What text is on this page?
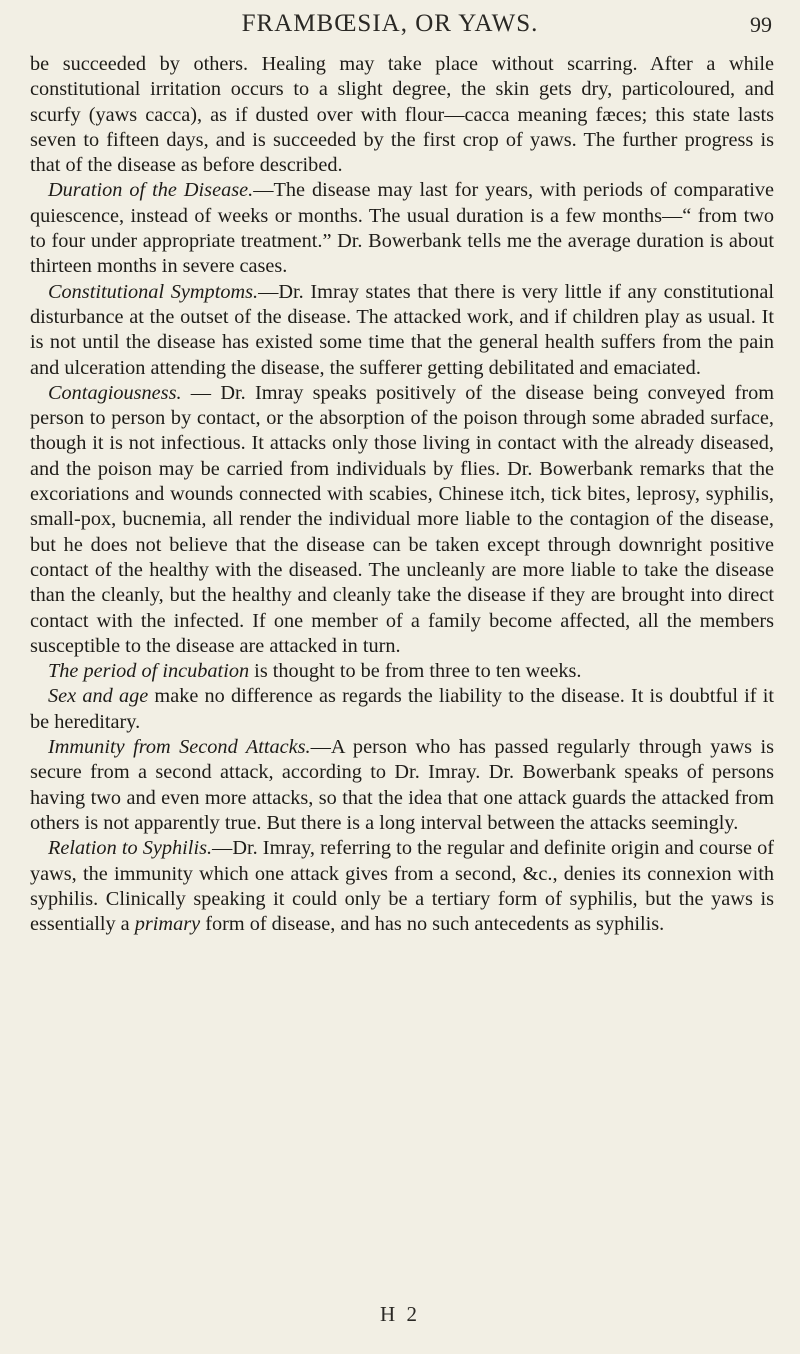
FRAMBŒSIA, OR YAWS.	99

be succeeded by others. Healing may take place without scarring. After a while constitutional irritation occurs to a slight degree, the skin gets dry, particoloured, and scurfy (yaws cacca), as if dusted over with flour—cacca meaning fæces; this state lasts seven to fifteen days, and is succeeded by the first crop of yaws. The further progress is that of the disease as before described.

Duration of the Disease.—The disease may last for years, with periods of comparative quiescence, instead of weeks or months. The usual duration is a few months—“ from two to four under appropriate treatment.” Dr. Bowerbank tells me the average duration is about thirteen months in severe cases.

Constitutional Symptoms.—Dr. Imray states that there is very little if any constitutional disturbance at the outset of the disease. The attacked work, and if children play as usual. It is not until the disease has existed some time that the general health suffers from the pain and ulceration attending the disease, the sufferer getting debilitated and emaciated.

Contagiousness. — Dr. Imray speaks positively of the disease being conveyed from person to person by contact, or the absorption of the poison through some abraded surface, though it is not infectious. It attacks only those living in contact with the already diseased, and the poison may be carried from individuals by flies. Dr. Bowerbank remarks that the excoriations and wounds connected with scabies, Chinese itch, tick bites, leprosy, syphilis, small-pox, bucnemia, all render the individual more liable to the contagion of the disease, but he does not believe that the disease can be taken except through downright positive contact of the healthy with the diseased. The uncleanly are more liable to take the disease than the cleanly, but the healthy and cleanly take the disease if they are brought into direct contact with the infected. If one member of a family become affected, all the members susceptible to the disease are attacked in turn.

The period of incubation is thought to be from three to ten weeks.

Sex and age make no difference as regards the liability to the disease. It is doubtful if it be hereditary.

Immunity from Second Attacks.—A person who has passed regularly through yaws is secure from a second attack, according to Dr. Imray. Dr. Bowerbank speaks of persons having two and even more attacks, so that the idea that one attack guards the attacked from others is not apparently true. But there is a long interval between the attacks seemingly.

Relation to Syphilis.—Dr. Imray, referring to the regular and definite origin and course of yaws, the immunity which one attack gives from a second, &c., denies its connexion with syphilis. Clinically speaking it could only be a tertiary form of syphilis, but the yaws is essentially a primary form of disease, and has no such antecedents as syphilis.

H 2
